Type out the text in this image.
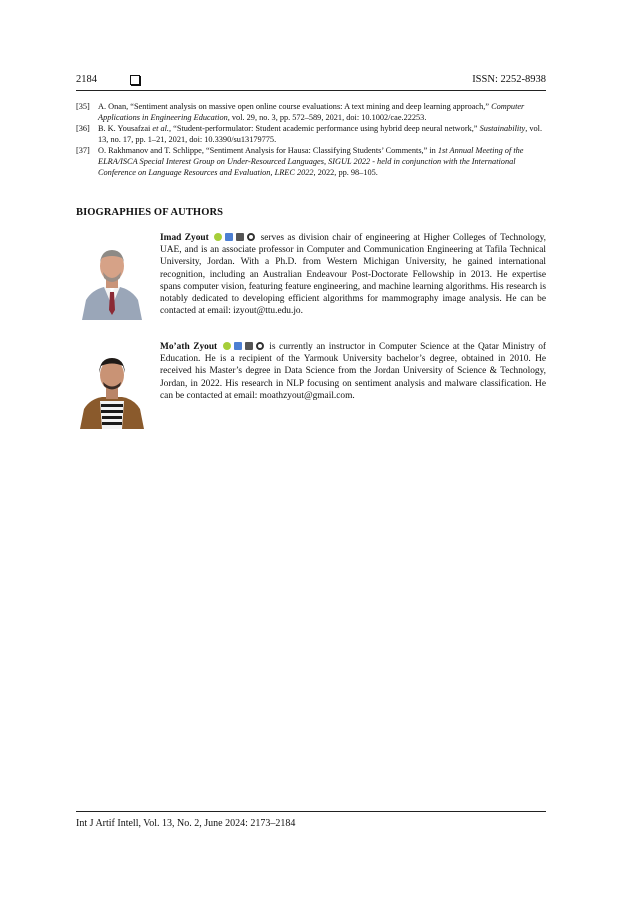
2184	ISSN: 2252-8938
[35] A. Onan, “Sentiment analysis on massive open online course evaluations: A text mining and deep learning approach,” Computer Applications in Engineering Education, vol. 29, no. 3, pp. 572–589, 2021, doi: 10.1002/cae.22253.
[36] B. K. Yousafzai et al., “Student-performulator: Student academic performance using hybrid deep neural network,” Sustainability, vol. 13, no. 17, pp. 1–21, 2021, doi: 10.3390/su13179775.
[37] O. Rakhmanov and T. Schlippe, “Sentiment Analysis for Hausa: Classifying Students’ Comments,” in 1st Annual Meeting of the ELRA/ISCA Special Interest Group on Under-Resourced Languages, SIGUL 2022 - held in conjunction with the International Conference on Language Resources and Evaluation, LREC 2022, 2022, pp. 98–105.
BIOGRAPHIES OF AUTHORS
Imad Zyout	serves as division chair of engineering at Higher Colleges of Technology, UAE, and is an associate professor in Computer and Communication Engineering at Tafila Technical University, Jordan. With a Ph.D. from Western Michigan University, he gained international recognition, including an Australian Endeavour Post-Doctorate Fellowship in 2013. He expertise spans computer vision, featuring feature engineering, and machine learning algorithms. His research is notably dedicated to developing efficient algorithms for mammography image analysis. He can be contacted at email: izyout@ttu.edu.jo.
Mo’ath Zyout	is currently an instructor in Computer Science at the Qatar Ministry of Education. He is a recipient of the Yarmouk University bachelor’s degree, obtained in 2010. He received his Master’s degree in Data Science from the Jordan University of Science & Technology, Jordan, in 2022. His research in NLP focusing on sentiment analysis and malware classification. He can be contacted at email: moathzyout@gmail.com.
Int J Artif Intell, Vol. 13, No. 2, June 2024: 2173–2184
